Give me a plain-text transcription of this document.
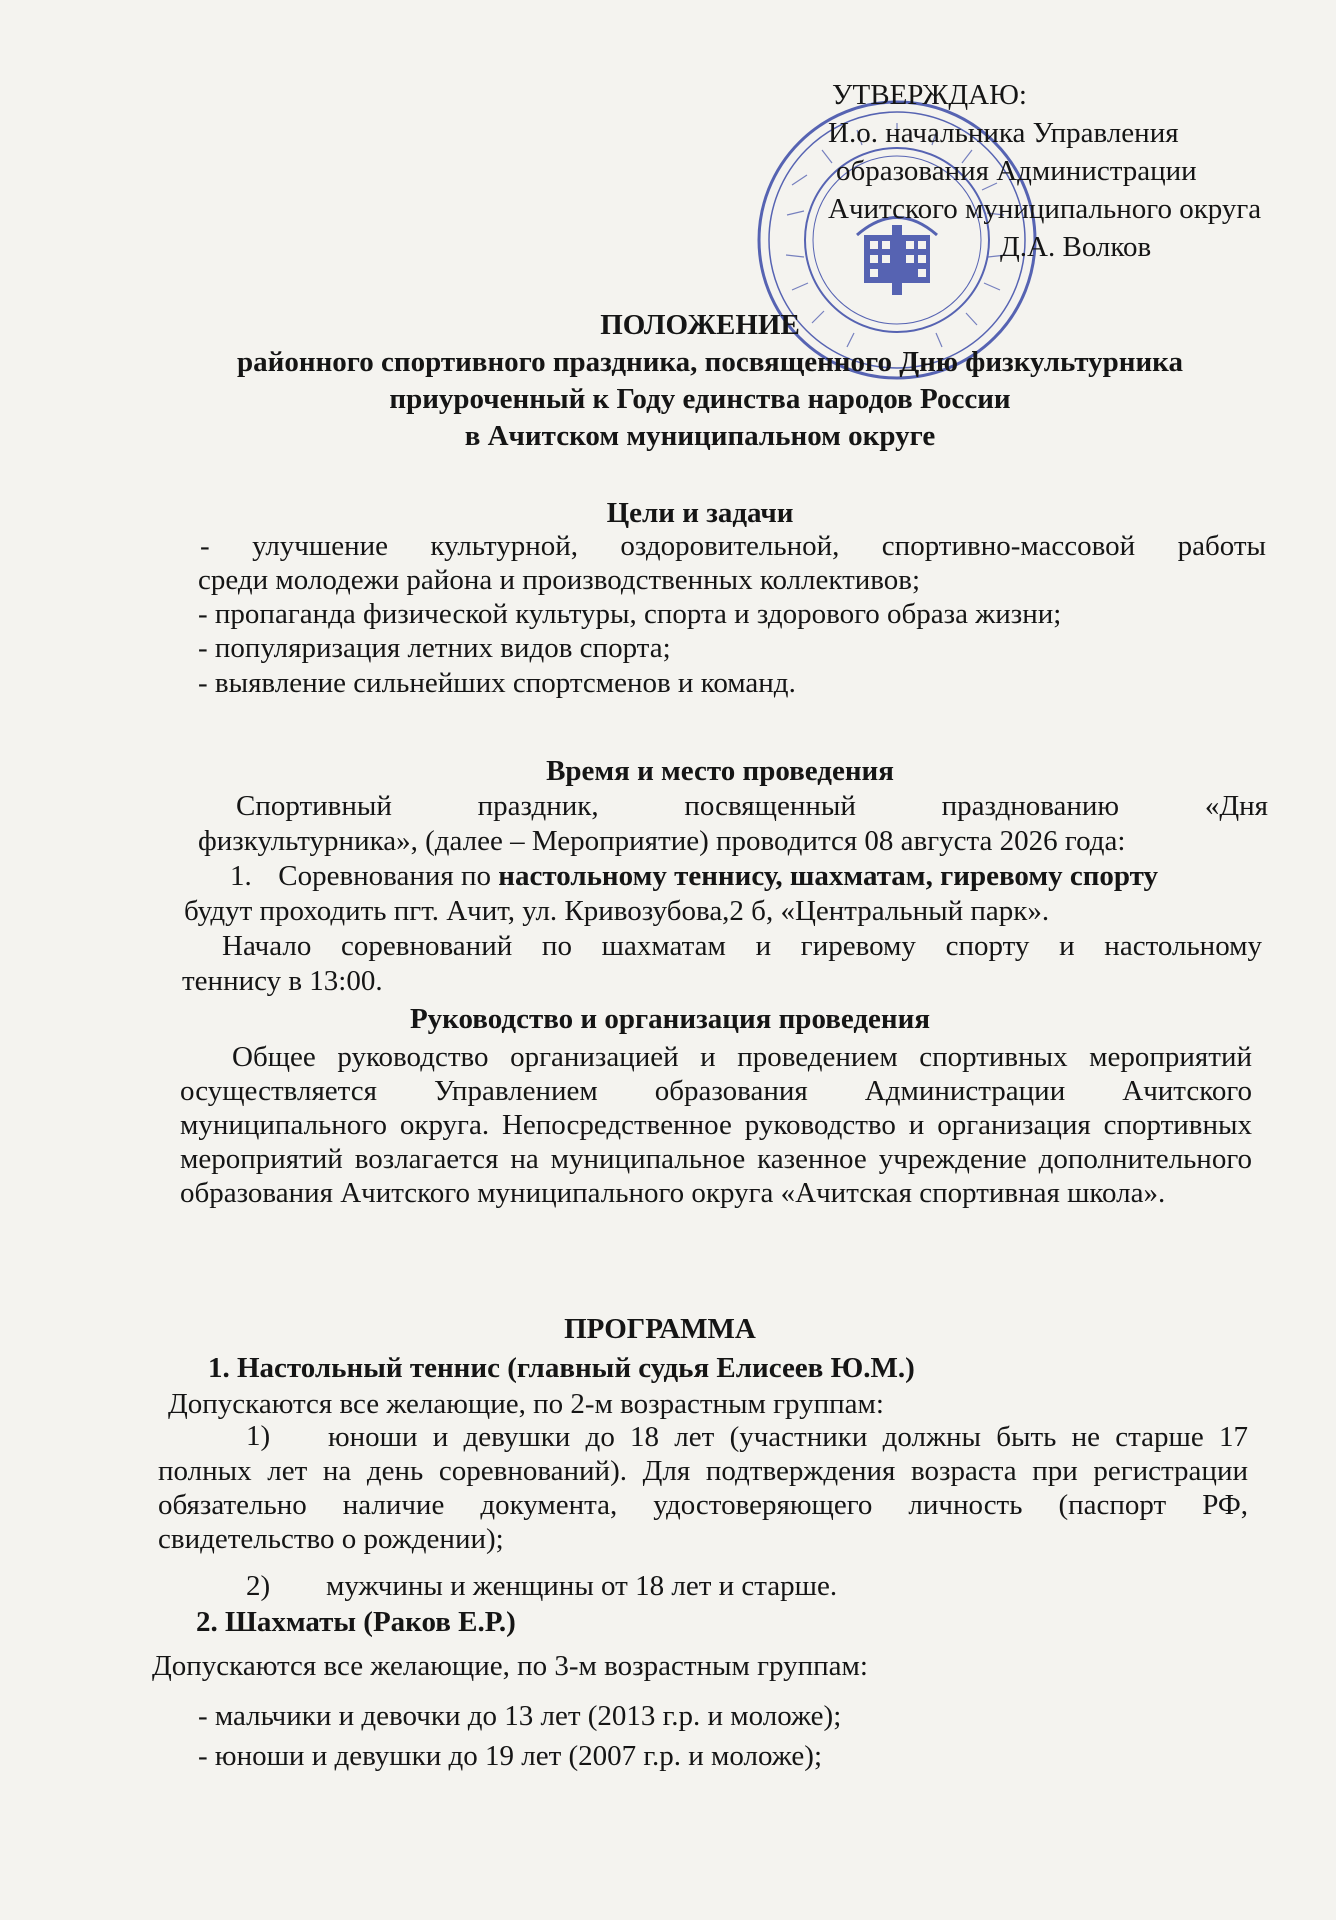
УТВЕРЖДАЮ:
И.о. начальника Управления
образования Администрации
Ачитского муниципального округа
Д.А. Волков
ПОЛОЖЕНИЕ
районного спортивного праздника, посвященного Дню физкультурника
приуроченный к Году единства народов России
в Ачитском муниципальном округе
Цели и задачи
- улучшение культурной, оздоровительной, спортивно-массовой работы
среди молодежи района и производственных коллективов;
- пропаганда физической культуры, спорта и здорового образа жизни;
- популяризация летних видов спорта;
- выявление сильнейших спортсменов и команд.
Время и место проведения
Спортивный праздник, посвященный празднованию «Дня
физкультурника», (далее – Мероприятие) проводится 08 августа 2026 года:
1. Соревнования по настольному теннису, шахматам, гиревому спорту
будут проходить пгт. Ачит, ул. Кривозубова,2 б, «Центральный парк».
Начало соревнований по шахматам и гиревому спорту и настольному
теннису в 13:00.
Руководство и организация проведения
Общее руководство организацией и проведением спортивных мероприятий осуществляется Управлением образования Администрации Ачитского муниципального округа. Непосредственное руководство и организация спортивных мероприятий возлагается на муниципальное казенное учреждение дополнительного образования Ачитского муниципального округа «Ачитская спортивная школа».
ПРОГРАММА
1. Настольный теннис (главный судья Елисеев Ю.М.)
Допускаются все желающие, по 2-м возрастным группам:
1)	юноши и девушки до 18 лет (участники должны быть не старше 17 полных лет на день соревнований). Для подтверждения возраста при регистрации обязательно наличие документа, удостоверяющего личность (паспорт РФ, свидетельство о рождении);
2) мужчины и женщины от 18 лет и старше.
2. Шахматы (Раков Е.Р.)
Допускаются все желающие, по 3-м возрастным группам:
- мальчики и девочки до 13 лет (2013 г.р. и моложе);
- юноши и девушки до 19 лет (2007 г.р. и моложе);
